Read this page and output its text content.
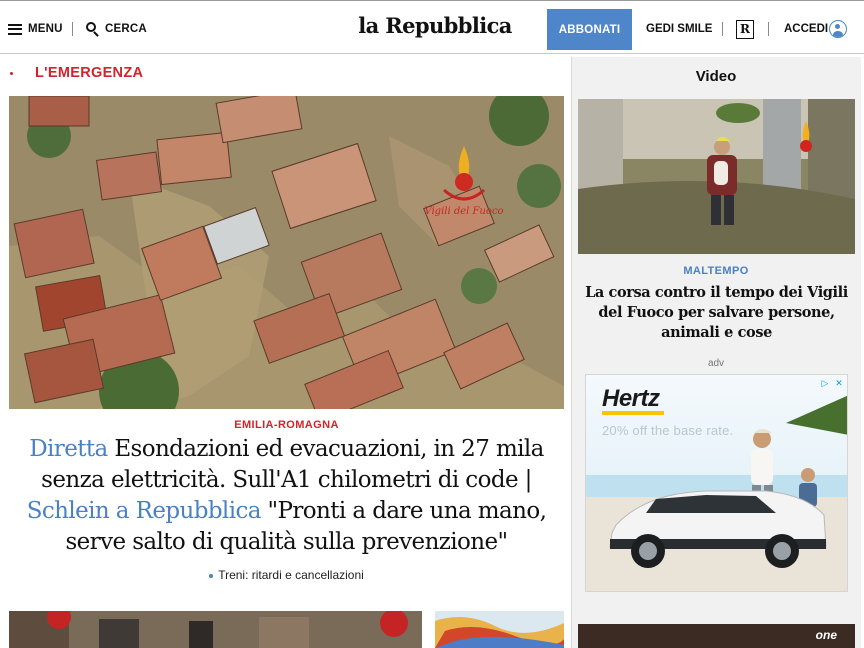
MENU	CERCA	la Repubblica	ABBONATI	GEDI SMILE	R	ACCEDI
L'EMERGENZA
Vigili del Fuoco
EMILIA-ROMAGNA
Diretta Esondazioni ed evacuazioni, in 27 mila senza elettricità. Sull'A1 chilometri di code | Schlein a Repubblica "Pronti a dare una mano, serve salto di qualità sulla prevenzione"
Treni: ritardi e cancellazioni
Video
MALTEMPO
La corsa contro il tempo dei Vigili del Fuoco per salvare persone, animali e cose
adv
Hertz
20% off the base rate.
▷ ✕
one
